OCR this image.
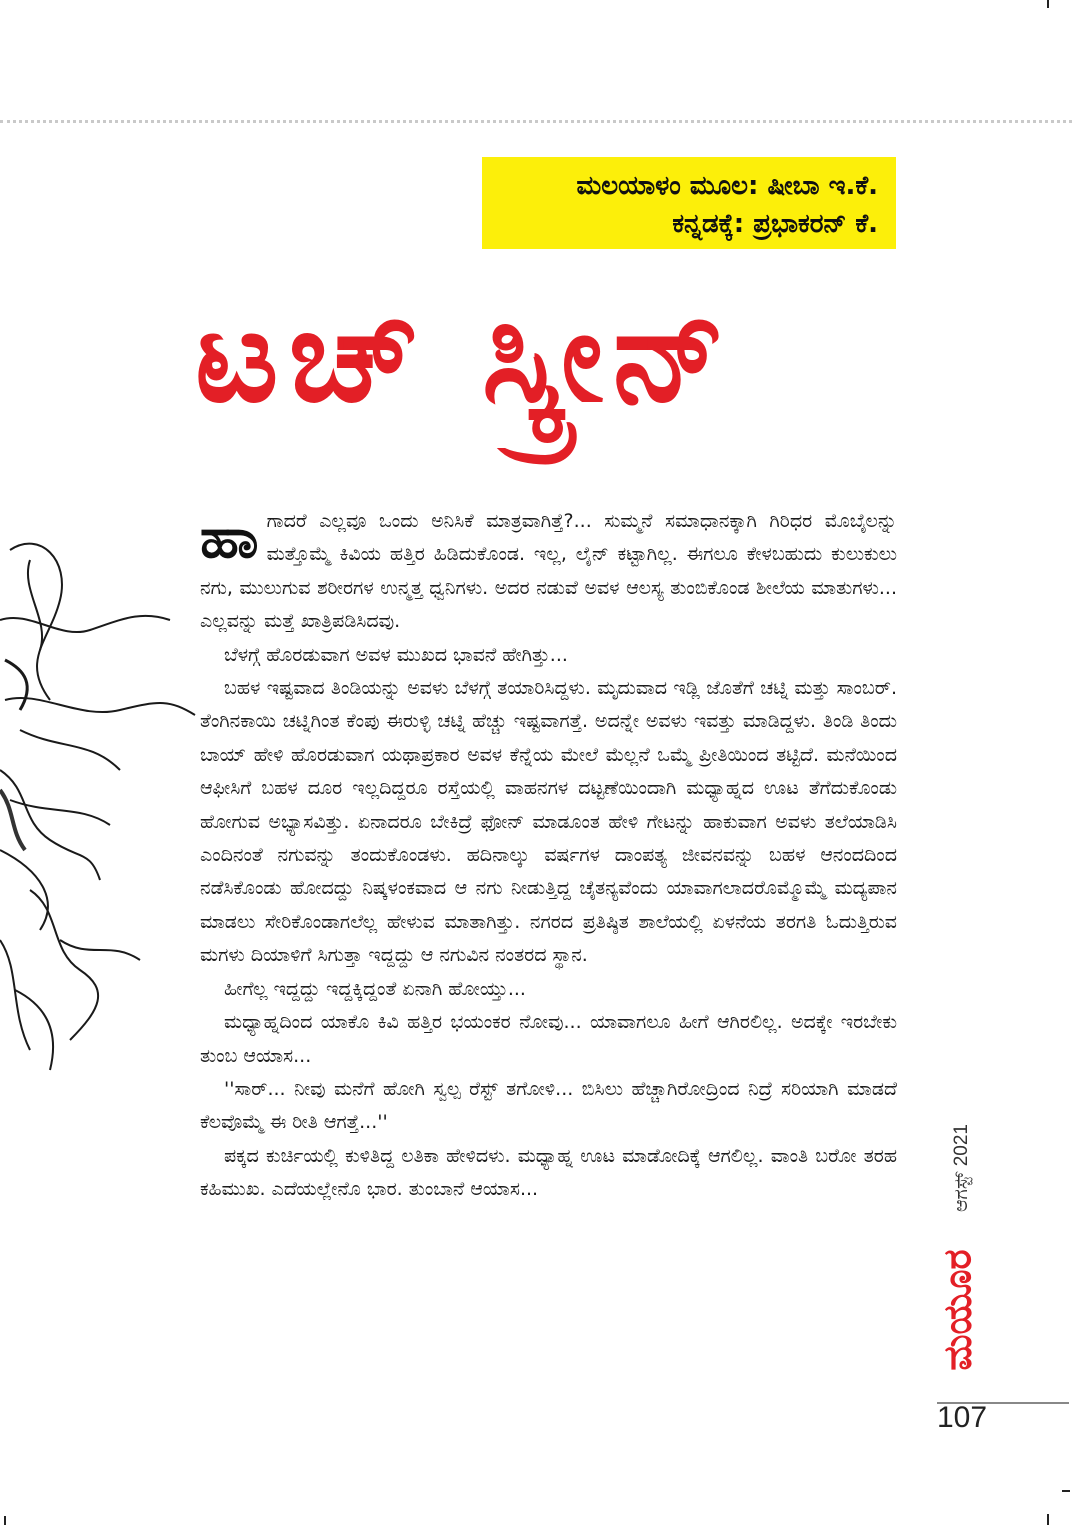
ಮಲಯಾಳಂ ಮೂಲ: ಷೀಬಾ ಇ.ಕೆ.
ಕನ್ನಡಕ್ಕೆ: ಪ್ರಭಾಕರನ್ ಕೆ.
ಟಚ್ ಸ್ಕ್ರೀನ್

ಹಾಗಾದರೆ ಎಲ್ಲವೂ ಒಂದು ಅನಿಸಿಕೆ ಮಾತ್ರವಾಗಿತ್ತೆ?... ಸುಮ್ಮನೆ ಸಮಾಧಾನಕ್ಕಾಗಿ ಗಿರಿಧರ ಮೊಬೈಲನ್ನು ಮತ್ತೊಮ್ಮೆ ಕಿವಿಯ ಹತ್ತಿರ ಹಿಡಿದುಕೊಂಡ. ಇಲ್ಲ, ಲೈನ್ ಕಟ್ಟಾಗಿಲ್ಲ. ಈಗಲೂ ಕೇಳಬಹುದು ಕುಲುಕುಲು ನಗು, ಮುಲುಗುವ ಶರೀರಗಳ ಉನ್ಮತ್ತ ಧ್ವನಿಗಳು. ಅದರ ನಡುವೆ ಅವಳ ಆಲಸ್ಯ ತುಂಬಿಕೊಂಡ ಶೀಲೆಯ ಮಾತುಗಳು... ಎಲ್ಲವನ್ನು ಮತ್ತೆ ಖಾತ್ರಿಪಡಿಸಿದವು.

ಬೆಳಗ್ಗೆ ಹೊರಡುವಾಗ ಅವಳ ಮುಖದ ಭಾವನೆ ಹೇಗಿತ್ತು...

ಬಹಳ ಇಷ್ಟವಾದ ತಿಂಡಿಯನ್ನು ಅವಳು ಬೆಳಗ್ಗೆ ತಯಾರಿಸಿದ್ದಳು. ಮೃದುವಾದ ಇಡ್ಲಿ ಜೊತೆಗೆ ಚಟ್ನಿ ಮತ್ತು ಸಾಂಬರ್. ತೆಂಗಿನಕಾಯಿ ಚಟ್ನಿಗಿಂತ ಕೆಂಪು ಈರುಳ್ಳಿ ಚಟ್ನಿ ಹೆಚ್ಚು ಇಷ್ಟವಾಗತ್ತೆ. ಅದನ್ನೇ ಅವಳು ಇವತ್ತು ಮಾಡಿದ್ದಳು. ತಿಂಡಿ ತಿಂದು ಬಾಯ್ ಹೇಳಿ ಹೊರಡುವಾಗ ಯಥಾಪ್ರಕಾರ ಅವಳ ಕೆನ್ನೆಯ ಮೇಲೆ ಮೆಲ್ಲನೆ ಒಮ್ಮೆ ಪ್ರೀತಿಯಿಂದ ತಟ್ಟಿದೆ. ಮನೆಯಿಂದ ಆಫೀಸಿಗೆ ಬಹಳ ದೂರ ಇಲ್ಲದಿದ್ದರೂ ರಸ್ತೆಯಲ್ಲಿ ವಾಹನಗಳ ದಟ್ಟಣೆಯಿಂದಾಗಿ ಮಧ್ಯಾಹ್ನದ ಊಟ ತೆಗೆದುಕೊಂಡು ಹೋಗುವ ಅಭ್ಯಾಸವಿತ್ತು. ಏನಾದರೂ ಬೇಕಿದ್ರೆ ಫೋನ್ ಮಾಡೂಂತ ಹೇಳಿ ಗೇಟನ್ನು ಹಾಕುವಾಗ ಅವಳು ತಲೆಯಾಡಿಸಿ ಎಂದಿನಂತೆ ನಗುವನ್ನು ತಂದುಕೊಂಡಳು. ಹದಿನಾಲ್ಕು ವರ್ಷಗಳ ದಾಂಪತ್ಯ ಜೀವನವನ್ನು ಬಹಳ ಆನಂದದಿಂದ ನಡೆಸಿಕೊಂಡು ಹೋದದ್ದು ನಿಷ್ಕಳಂಕವಾದ ಆ ನಗು ನೀಡುತ್ತಿದ್ದ ಚೈತನ್ಯವೆಂದು ಯಾವಾಗಲಾದರೊಮ್ಮೊಮ್ಮೆ ಮದ್ಯಪಾನ ಮಾಡಲು ಸೇರಿಕೊಂಡಾಗಲೆಲ್ಲ ಹೇಳುವ ಮಾತಾಗಿತ್ತು. ನಗರದ ಪ್ರತಿಷ್ಠಿತ ಶಾಲೆಯಲ್ಲಿ ಏಳನೆಯ ತರಗತಿ ಓದುತ್ತಿರುವ ಮಗಳು ದಿಯಾಳಿಗೆ ಸಿಗುತ್ತಾ ಇದ್ದದ್ದು ಆ ನಗುವಿನ ನಂತರದ ಸ್ಥಾನ.

ಹೀಗೆಲ್ಲ ಇದ್ದದ್ದು ಇದ್ದಕ್ಕಿದ್ದಂತೆ ಏನಾಗಿ ಹೋಯ್ತು...

ಮಧ್ಯಾಹ್ನದಿಂದ ಯಾಕೊ ಕಿವಿ ಹತ್ತಿರ ಭಯಂಕರ ನೋವು... ಯಾವಾಗಲೂ ಹೀಗೆ ಆಗಿರಲಿಲ್ಲ. ಅದಕ್ಕೇ ಇರಬೇಕು ತುಂಬ ಆಯಾಸ...

''ಸಾರ್... ನೀವು ಮನೆಗೆ ಹೋಗಿ ಸ್ವಲ್ಪ ರೆಸ್ಟ್ ತಗೋಳಿ... ಬಿಸಿಲು ಹೆಚ್ಚಾಗಿರೋದ್ರಿಂದ ನಿದ್ರೆ ಸರಿಯಾಗಿ ಮಾಡದೆ ಕೆಲವೊಮ್ಮೆ ಈ ರೀತಿ ಆಗತ್ತೆ...''

ಪಕ್ಕದ ಕುರ್ಚಿಯಲ್ಲಿ ಕುಳಿತಿದ್ದ ಲತಿಕಾ ಹೇಳಿದಳು. ಮಧ್ಯಾಹ್ನ ಊಟ ಮಾಡೋದಿಕ್ಕೆ ಆಗಲಿಲ್ಲ. ವಾಂತಿ ಬರೋ ತರಹ ಕಹಿಮುಖ. ಎದೆಯಲ್ಲೇನೊ ಭಾರ. ತುಂಬಾನೆ ಆಯಾಸ...	ಆಗಸ್ಟ್ 2021
ಮಯೂರ
107
